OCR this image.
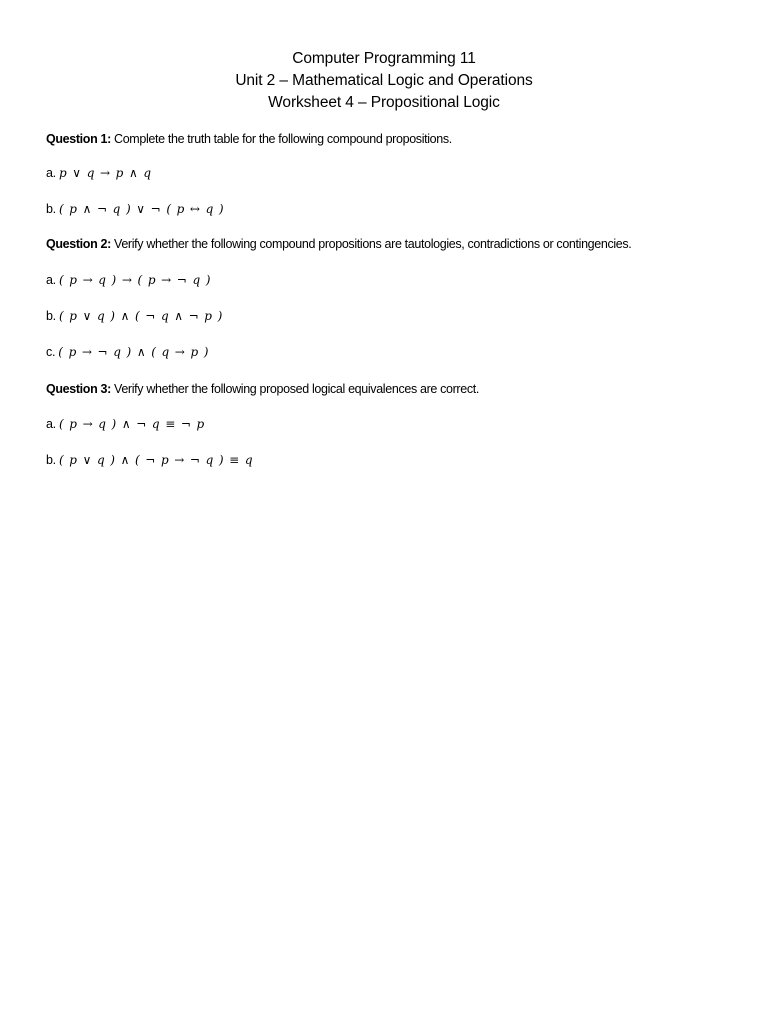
Computer Programming 11
Unit 2 – Mathematical Logic and Operations
Worksheet 4 – Propositional Logic

Question 1: Complete the truth table for the following compound propositions.

a. p ∨ q → p ∧ q

b. ( p ∧ ¬ q ) ∨ ¬ ( p ↔ q )

Question 2: Verify whether the following compound propositions are tautologies, contradictions or contingencies.

a. ( p → q ) → ( p → ¬ q )

b. ( p ∨ q ) ∧ ( ¬ q ∧ ¬ p )

c. ( p → ¬ q ) ∧ ( q → p )

Question 3: Verify whether the following proposed logical equivalences are correct.

a. ( p → q ) ∧ ¬ q ≡ ¬ p

b. ( p ∨ q ) ∧ ( ¬ p → ¬ q ) ≡ q
